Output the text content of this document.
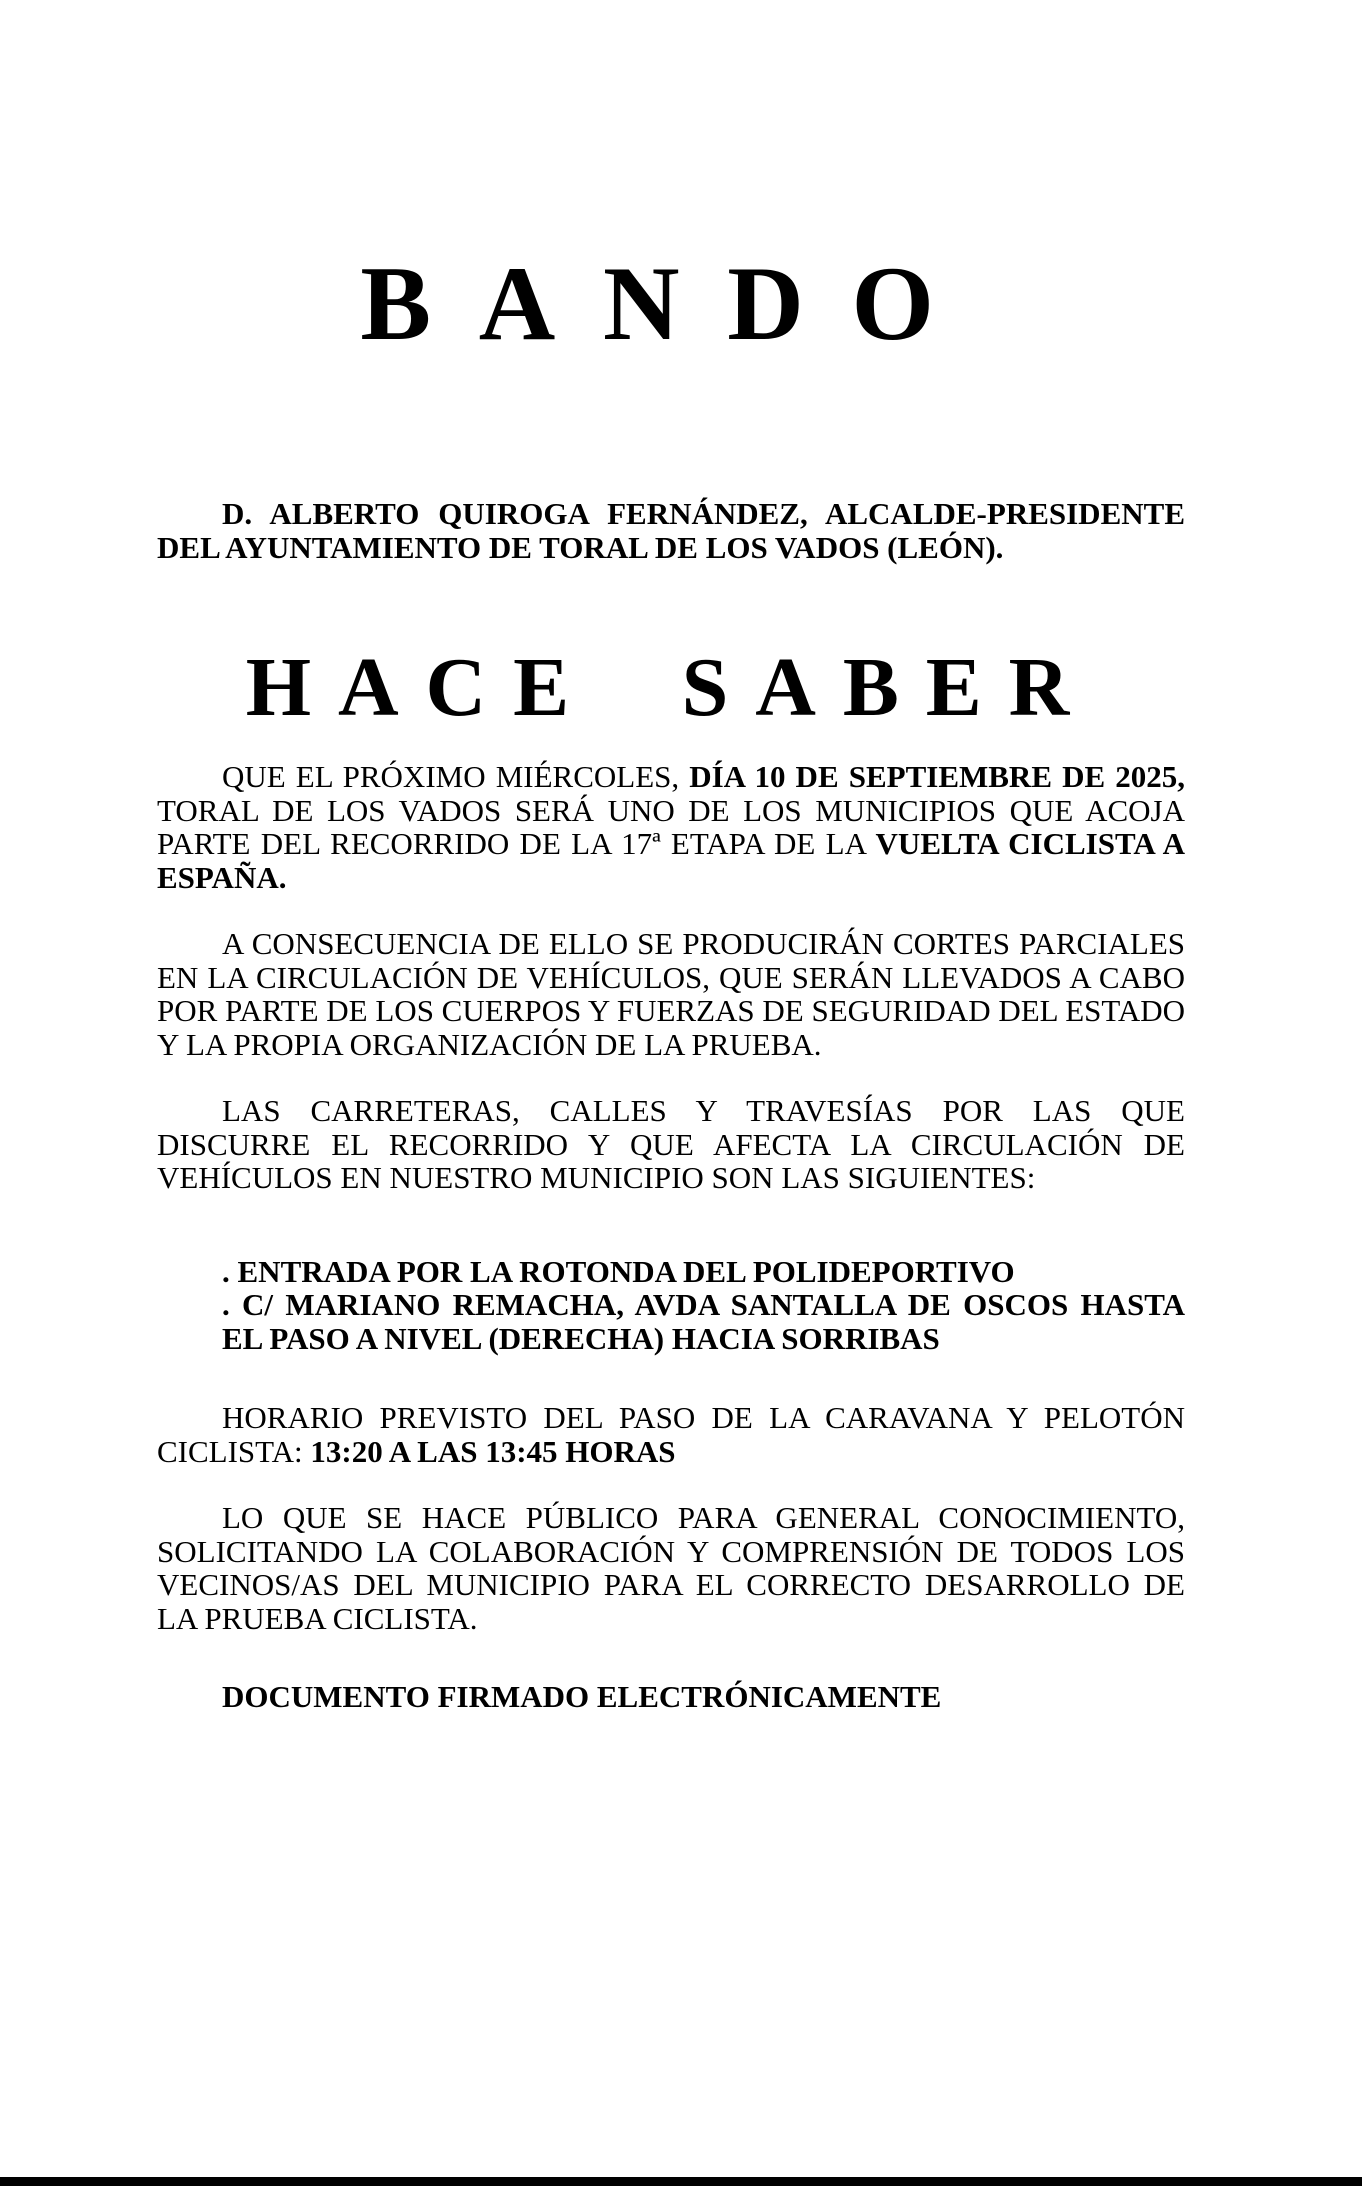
BANDO

D. ALBERTO QUIROGA FERNÁNDEZ, ALCALDE-PRESIDENTE DEL AYUNTAMIENTO DE TORAL DE LOS VADOS (LEÓN).

HACE SABER

QUE EL PRÓXIMO MIÉRCOLES, DÍA 10 DE SEPTIEMBRE DE 2025, TORAL DE LOS VADOS SERÁ UNO DE LOS MUNICIPIOS QUE ACOJA PARTE DEL RECORRIDO DE LA 17ª ETAPA DE LA VUELTA CICLISTA A ESPAÑA.

A CONSECUENCIA DE ELLO SE PRODUCIRÁN CORTES PARCIALES EN LA CIRCULACIÓN DE VEHÍCULOS, QUE SERÁN LLEVADOS A CABO POR PARTE DE LOS CUERPOS Y FUERZAS DE SEGURIDAD DEL ESTADO Y LA PROPIA ORGANIZACIÓN DE LA PRUEBA.

LAS CARRETERAS, CALLES Y TRAVESÍAS POR LAS QUE DISCURRE EL RECORRIDO Y QUE AFECTA LA CIRCULACIÓN DE VEHÍCULOS EN NUESTRO MUNICIPIO SON LAS SIGUIENTES:

. ENTRADA POR LA ROTONDA DEL POLIDEPORTIVO

. C/ MARIANO REMACHA, AVDA SANTALLA DE OSCOS HASTA EL PASO A NIVEL (DERECHA) HACIA SORRIBAS

HORARIO PREVISTO DEL PASO DE LA CARAVANA Y PELOTÓN CICLISTA: 13:20 A LAS 13:45 HORAS

LO QUE SE HACE PÚBLICO PARA GENERAL CONOCIMIENTO, SOLICITANDO LA COLABORACIÓN Y COMPRENSIÓN DE TODOS LOS VECINOS/AS DEL MUNICIPIO PARA EL CORRECTO DESARROLLO DE LA PRUEBA CICLISTA.

DOCUMENTO FIRMADO ELECTRÓNICAMENTE
